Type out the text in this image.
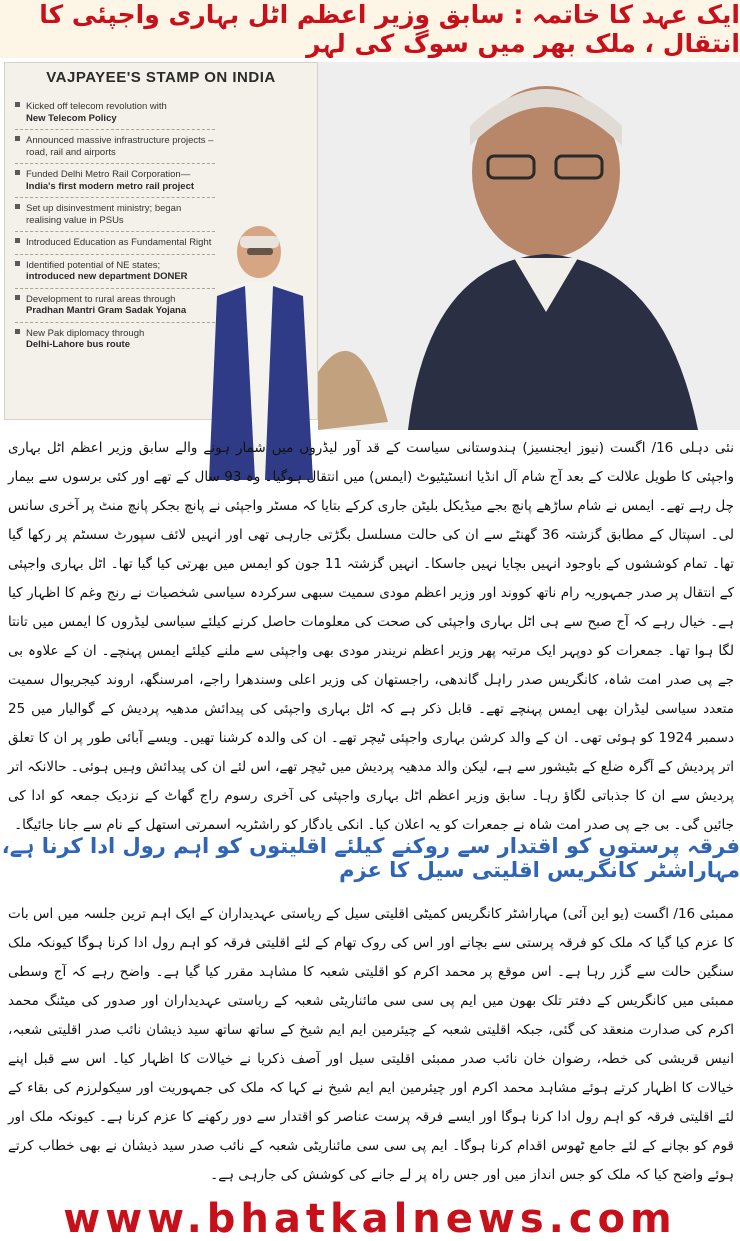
ایک عہد کا خاتمہ : سابق وزیر اعظم اٹل بہاری واجپئی کا انتقال ، ملک بھر میں سوگ کی لہر
VAJPAYEE'S STAMP ON INDIA
Kicked off telecom revolution with
New Telecom Policy
Announced massive infrastructure projects – road, rail and airports
Funded Delhi Metro Rail Corporation—
India's first modern metro rail project
Set up disinvestment ministry; began realising value in PSUs
Introduced Education as Fundamental Right
Identified potential of NE states;
introduced new department DONER
Development to rural areas through
Pradhan Mantri Gram Sadak Yojana
New Pak diplomacy through
Delhi-Lahore bus route

نئی دہلی 16/ اگست (نیوز ایجنسیز) ہندوستانی سیاست کے قد آور لیڈروں میں شمار ہونے والے سابق وزیر اعظم اٹل بہاری واجپئی کا طویل علالت کے بعد آج شام آل انڈیا انسٹیٹیوٹ (ایمس) میں انتقال ہوگیا۔ وہ 93 سال کے تھے اور کئی برسوں سے بیمار چل رہے تھے۔ ایمس نے شام ساڑھے پانچ بجے میڈیکل بلیٹن جاری کرکے بتایا کہ مسٹر واجپئی نے پانچ بجکر پانچ منٹ پر آخری سانس لی۔ اسپتال کے مطابق گزشتہ 36 گھنٹے سے ان کی حالت مسلسل بگڑتی جارہی تھی اور انہیں لائف سپورٹ سسٹم پر رکھا گیا تھا۔ تمام کوششوں کے باوجود انہیں بچایا نہیں جاسکا۔ انہیں گزشتہ 11 جون کو ایمس میں بھرتی کیا گیا تھا۔ اٹل بہاری واجپئی کے انتقال پر صدر جمہوریہ رام ناتھ کووند اور وزیر اعظم مودی سمیت سبھی سرکردہ سیاسی شخصیات نے رنج وغم کا اظہار کیا ہے۔ خیال رہے کہ آج صبح سے ہی اٹل بہاری واجپئی کی صحت کی معلومات حاصل کرنے کیلئے سیاسی لیڈروں کا ایمس میں تانتا لگا ہوا تھا۔ جمعرات کو دوپہر ایک مرتبہ پھر وزیر اعظم نریندر مودی بھی واجپئی سے ملنے کیلئے ایمس پہنچے۔ ان کے علاوہ بی جے پی صدر امت شاہ، کانگریس صدر راہل گاندھی، راجستھان کی وزیر اعلی وسندھرا راجے، امرسنگھ، اروند کیجریوال سمیت متعدد سیاسی لیڈران بھی ایمس پہنچے تھے۔ قابل ذکر ہے کہ اٹل بہاری واجپئی کی پیدائش مدھیہ پردیش کے گوالیار میں 25 دسمبر 1924 کو ہوئی تھی۔ ان کے والد کرشن بہاری واجپئی ٹیچر تھے۔ ان کی والدہ کرشنا تھیں۔ ویسے آبائی طور پر ان کا تعلق اتر پردیش کے آگرہ ضلع کے بٹیشور سے ہے، لیکن والد مدھیہ پردیش میں ٹیچر تھے، اس لئے ان کی پیدائش وہیں ہوئی۔ حالانکہ اتر پردیش سے ان کا جذباتی لگاؤ رہا۔ سابق وزیر اعظم اٹل بہاری واجپئی کی آخری رسوم راج گھاٹ کے نزدیک جمعہ کو ادا کی جائیں گی۔ بی جے پی صدر امت شاہ نے جمعرات کو یہ اعلان کیا۔ انکی یادگار کو راشٹریہ اسمرتی استھل کے نام سے جانا جائیگا۔

فرقہ پرستوں کو اقتدار سے روکنے کیلئے اقلیتوں کو اہم رول ادا کرنا ہے، مہاراشٹر کانگریس اقلیتی سیل کا عزم

ممبئی 16/ اگست (یو این آئی) مہاراشٹر کانگریس کمیٹی اقلیتی سیل کے ریاستی عہدیداران کے ایک اہم ترین جلسہ میں اس بات کا عزم کیا گیا کہ ملک کو فرقہ پرستی سے بچانے اور اس کی روک تھام کے لئے اقلیتی فرقہ کو اہم رول ادا کرنا ہوگا کیونکہ ملک سنگین حالت سے گزر رہا ہے۔ اس موقع پر محمد اکرم کو اقلیتی شعبہ کا مشاہد مقرر کیا گیا ہے۔ واضح رہے کہ آج وسطی ممبئی میں کانگریس کے دفتر تلک بھون میں ایم پی سی سی مائناریٹی شعبہ کے ریاستی عہدیداران اور صدور کی میٹنگ محمد اکرم کی صدارت منعقد کی گئی، جبکہ اقلیتی شعبہ کے چیئرمین ایم ایم شیخ کے ساتھ ساتھ سید ذیشان نائب صدر اقلیتی شعبہ، انیس قریشی کی خطہ، رضوان خان نائب صدر ممبئی اقلیتی سیل اور آصف ذکریا نے خیالات کا اظہار کیا۔ اس سے قبل اپنے خیالات کا اظہار کرتے ہوئے مشاہد محمد اکرم اور چیئرمین ایم ایم شیخ نے کہا کہ ملک کی جمہوریت اور سیکولرزم کی بقاء کے لئے اقلیتی فرقہ کو اہم رول ادا کرنا ہوگا اور ایسے فرقہ پرست عناصر کو اقتدار سے دور رکھنے کا عزم کرنا ہے۔ کیونکہ ملک اور قوم کو بچانے کے لئے جامع ٹھوس اقدام کرنا ہوگا۔ ایم پی سی سی مائناریٹی شعبہ کے نائب صدر سید ذیشان نے بھی خطاب کرتے ہوئے واضح کیا کہ ملک کو جس انداز میں اور جس راہ پر لے جانے کی کوشش کی جارہی ہے۔

www.bhatkalnews.com
